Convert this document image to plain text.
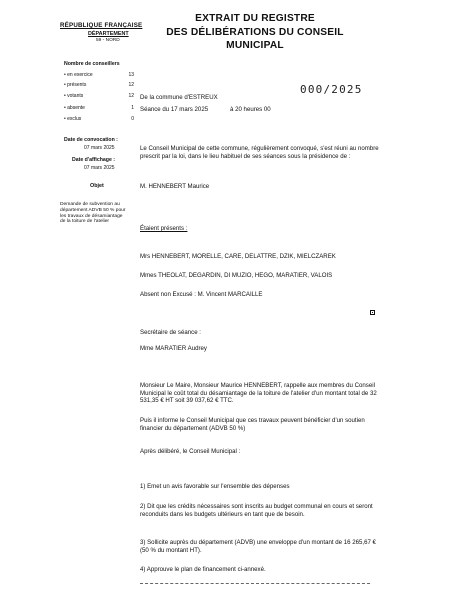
RÉPUBLIQUE FRANÇAISE
DÉPARTEMENT
59 - NORD
EXTRAIT DU REGISTRE
DES DÉLIBÉRATIONS DU CONSEIL
MUNICIPAL
Nombre de conseillers
• en exercice	13
• présents	12
• votants	12
• absente	1
• exclus	0
Date de convocation :
07 mars 2025
Date d'affichage :
07 mars 2025
Objet
Demande de subvention au département ADVB 50 % pour les travaux de désamiantage de la toiture de l'atelier
De la commune d'ESTREUX
000/2025
Séance du 17 mars 2025	à 20 heures 00
Le Conseil Municipal de cette commune, régulièrement convoqué, s'est réuni au nombre prescrit par la loi, dans le lieu habituel de ses séances sous la présidence de :
M. HENNEBERT Maurice
Étaient présents :
Mrs HENNEBERT, MORELLE, CARE, DELATTRE, DZIK, MIELCZAREK
Mmes THEOLAT, DEGARDIN, DI MUZIO, HEGO, MARATIER, VALOIS
Absent non Excusé : M. Vincent MARCAILLE
Secrétaire de séance :
Mme MARATIER Audrey
Monsieur Le Maire, Monsieur Maurice HENNEBERT, rappelle aux membres du Conseil Municipal le coût total du désamiantage de la toiture de l'atelier d'un montant total de 32 531,35 € HT soit 39 037,62 € TTC.
Puis il informe le Conseil Municipal que ces travaux peuvent bénéficier d'un soutien financier du département (ADVB 50 %)
Après délibéré, le Conseil Municipal :
1) Emet un avis favorable sur l'ensemble des dépenses
2) Dit que les crédits nécessaires sont inscrits au budget communal en cours et seront reconduits dans les budgets ultérieurs en tant que de besoin.
3) Sollicite auprès du département (ADVB) une enveloppe d'un montant de 16 265,67 € (50 % du montant HT).
4) Approuve le plan de financement ci-annexé.
